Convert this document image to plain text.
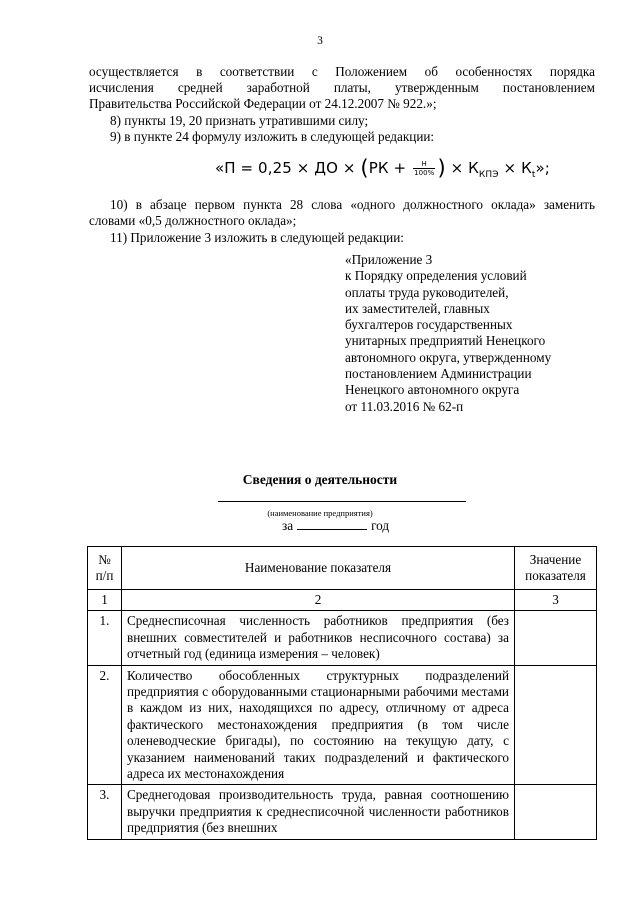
3
осуществляется в соответствии с Положением об особенностях порядка
исчисления средней заработной платы, утвержденным постановлением
Правительства Российской Федерации от 24.12.2007 № 922.»;
8) пункты 19, 20 признать утратившими силу;
9) в пункте 24 формулу изложить в следующей редакции:
«П = 0,25 × ДО × ($РК + \frac{Н}{100\%}$ ) × $К_{КПЭ} \times К_t$»;
10) в абзаце первом пункта 28 слова «одного должностного оклада» заменить
словами «0,5 должностного оклада»;
11) Приложение 3 изложить в следующей редакции:
«Приложение 3
к Порядку определения условий
оплаты труда руководителей,
их заместителей, главных
бухгалтеров государственных
унитарных предприятий Ненецкого
автономного округа, утвержденному
постановлением Администрации
Ненецкого автономного округа
от 11.03.2016 № 62-п
Сведения о деятельности
(наименование предприятия)
за	год
№ п/п	Наименование показателя	Значение показателя
1	2	3
1.	Среднесписочная численность работников предприятия (без внешних совместителей и работников несписочного состава) за отчетный год (единица измерения – человек)	
2.	Количество обособленных структурных подразделений предприятия с оборудованными стационарными рабочими местами в каждом из них, находящихся по адресу, отличному от адреса фактического местонахождения предприятия (в том числе оленеводческие бригады), по состоянию на текущую дату, с указанием наименований таких подразделений и фактического адреса их местонахождения	
3.	Среднегодовая производительность труда, равная соотношению выручки предприятия к среднесписочной численности работников предприятия (без внешних	
